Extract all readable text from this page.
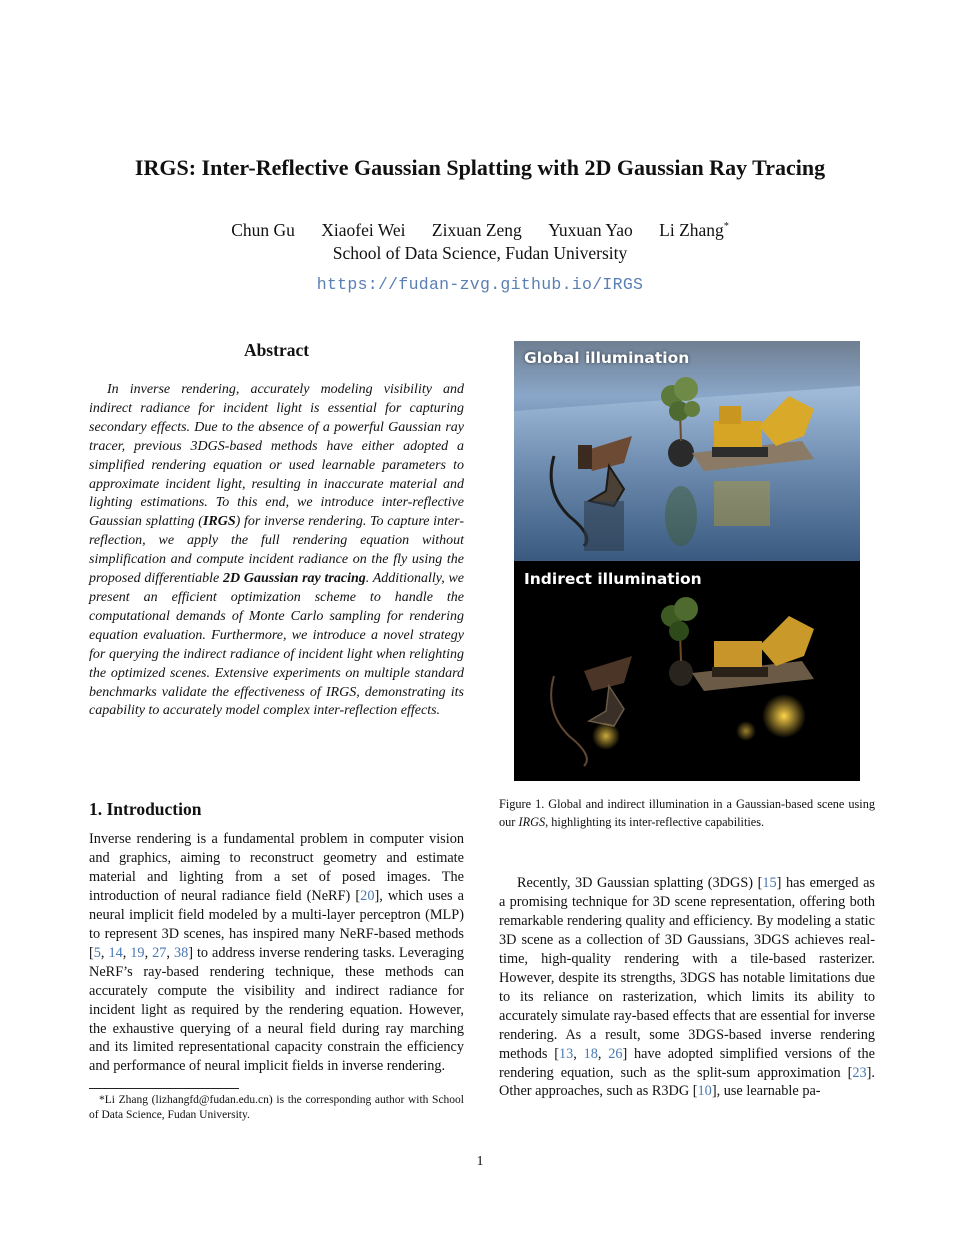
IRGS: Inter-Reflective Gaussian Splatting with 2D Gaussian Ray Tracing
Chun Gu Xiaofei Wei Zixuan Zeng Yuxuan Yao Li Zhang*
School of Data Science, Fudan University
https://fudan-zvg.github.io/IRGS
Abstract
In inverse rendering, accurately modeling visibility and indirect radiance for incident light is essential for capturing secondary effects. Due to the absence of a powerful Gaussian ray tracer, previous 3DGS-based methods have either adopted a simplified rendering equation or used learnable parameters to approximate incident light, resulting in inaccurate material and lighting estimations. To this end, we introduce inter-reflective Gaussian splatting (IRGS) for inverse rendering. To capture inter-reflection, we apply the full rendering equation without simplification and compute incident radiance on the fly using the proposed differentiable 2D Gaussian ray tracing. Additionally, we present an efficient optimization scheme to handle the computational demands of Monte Carlo sampling for rendering equation evaluation. Furthermore, we introduce a novel strategy for querying the indirect radiance of incident light when relighting the optimized scenes. Extensive experiments on multiple standard benchmarks validate the effectiveness of IRGS, demonstrating its capability to accurately model complex inter-reflection effects.
Global illumination
Indirect illumination
Figure 1. Global and indirect illumination in a Gaussian-based scene using our IRGS, highlighting its inter-reflective capabilities.
1. Introduction
Inverse rendering is a fundamental problem in computer vision and graphics, aiming to reconstruct geometry and estimate material and lighting from a set of posed images. The introduction of neural radiance field (NeRF) [20], which uses a neural implicit field modeled by a multi-layer perceptron (MLP) to represent 3D scenes, has inspired many NeRF-based methods [5, 14, 19, 27, 38] to address inverse rendering tasks. Leveraging NeRF’s ray-based rendering technique, these methods can accurately compute the visibility and indirect radiance for incident light as required by the rendering equation. However, the exhaustive querying of a neural field during ray marching and its limited representational capacity constrain the efficiency and performance of neural implicit fields in inverse rendering.

Recently, 3D Gaussian splatting (3DGS) [15] has emerged as a promising technique for 3D scene representation, offering both remarkable rendering quality and efficiency. By modeling a static 3D scene as a collection of 3D Gaussians, 3DGS achieves real-time, high-quality rendering with a tile-based rasterizer. However, despite its strengths, 3DGS has notable limitations due to its reliance on rasterization, which limits its ability to accurately simulate ray-based effects that are essential for inverse rendering. As a result, some 3DGS-based inverse rendering methods [13, 18, 26] have adopted simplified versions of the rendering equation, such as the split-sum approximation [23]. Other approaches, such as R3DG [10], use learnable pa-

*Li Zhang (lizhangfd@fudan.edu.cn) is the corresponding author with School of Data Science, Fudan University.
1
